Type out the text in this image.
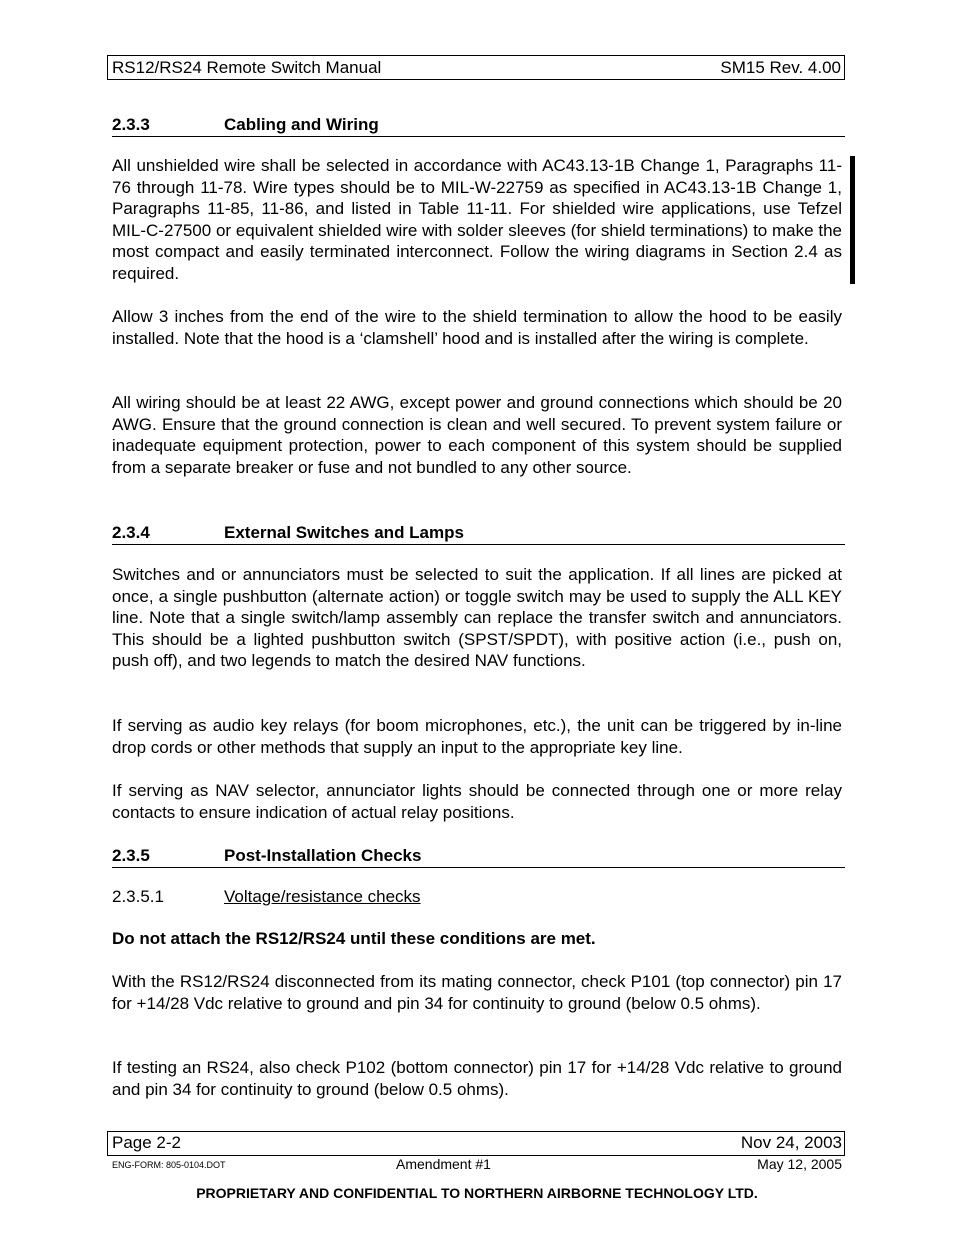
RS12/RS24 Remote Switch Manual	SM15 Rev. 4.00
2.3.3	Cabling and Wiring

All unshielded wire shall be selected in accordance with AC43.13-1B Change 1, Paragraphs 11-76 through 11-78. Wire types should be to MIL-W-22759 as specified in AC43.13-1B Change 1, Paragraphs 11-85, 11-86, and listed in Table 11-11. For shielded wire applications, use Tefzel MIL-C-27500 or equivalent shielded wire with solder sleeves (for shield terminations) to make the most compact and easily terminated interconnect. Follow the wiring diagrams in Section 2.4 as required.

Allow 3 inches from the end of the wire to the shield termination to allow the hood to be easily installed. Note that the hood is a ‘clamshell’ hood and is installed after the wiring is complete.

All wiring should be at least 22 AWG, except power and ground connections which should be 20 AWG. Ensure that the ground connection is clean and well secured. To prevent system failure or inadequate equipment protection, power to each component of this system should be supplied from a separate breaker or fuse and not bundled to any other source.

2.3.4	External Switches and Lamps

Switches and or annunciators must be selected to suit the application. If all lines are picked at once, a single pushbutton (alternate action) or toggle switch may be used to supply the ALL KEY line. Note that a single switch/lamp assembly can replace the transfer switch and annunciators. This should be a lighted pushbutton switch (SPST/SPDT), with positive action (i.e., push on, push off), and two legends to match the desired NAV functions.

If serving as audio key relays (for boom microphones, etc.), the unit can be triggered by in-line drop cords or other methods that supply an input to the appropriate key line.

If serving as NAV selector, annunciator lights should be connected through one or more relay contacts to ensure indication of actual relay positions.

2.3.5	Post-Installation Checks
2.3.5.1	Voltage/resistance checks

Do not attach the RS12/RS24 until these conditions are met.

With the RS12/RS24 disconnected from its mating connector, check P101 (top connector) pin 17 for +14/28 Vdc relative to ground and pin 34 for continuity to ground (below 0.5 ohms).

If testing an RS24, also check P102 (bottom connector) pin 17 for +14/28 Vdc relative to ground and pin 34 for continuity to ground (below 0.5 ohms).

Page 2-2	Nov 24, 2003
ENG-FORM: 805-0104.DOT	Amendment #1	May 12, 2005
PROPRIETARY AND CONFIDENTIAL TO NORTHERN AIRBORNE TECHNOLOGY LTD.
